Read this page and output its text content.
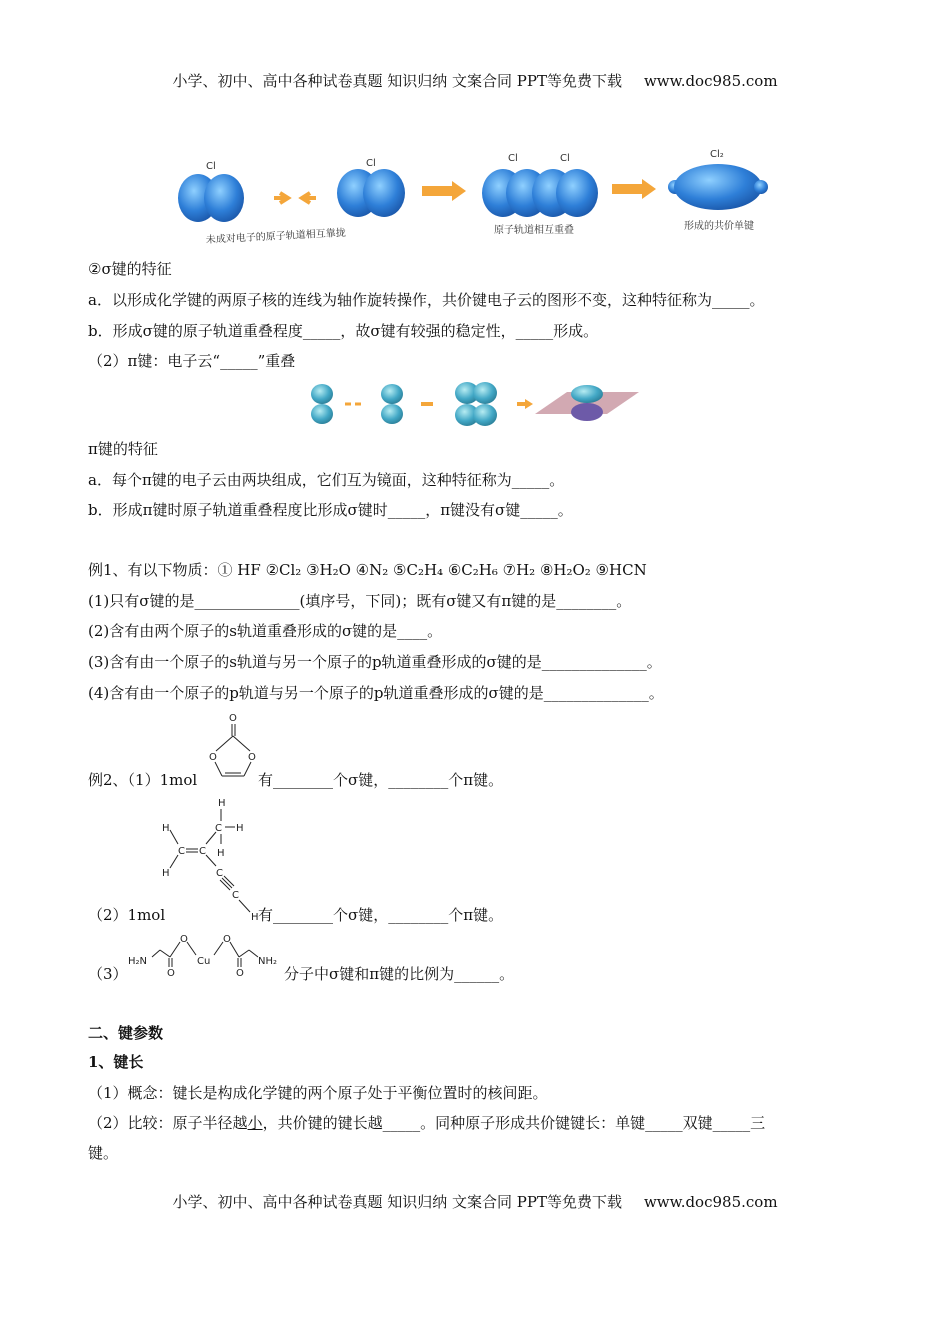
小学、初中、高中各种试卷真题 知识归纳 文案合同 PPT等免费下载 www.doc985.com
Cl	Cl	Cl	Cl	Cl₂
未成对电子的原子轨道相互靠拢	原子轨道相互重叠	形成的共价单键
②σ键的特征
a．以形成化学键的两原子核的连线为轴作旋转操作，共价键电子云的图形不变，这种特征称为_____。
b．形成σ键的原子轨道重叠程度_____，故σ键有较强的稳定性，_____形成。
（2）π键：电子云“_____”重叠
π键的特征
a．每个π键的电子云由两块组成，它们互为镜面，这种特征称为_____。
b．形成π键时原子轨道重叠程度比形成σ键时_____，π键没有σ键_____。
例1、有以下物质：① HF ②Cl₂ ③H₂O ④N₂ ⑤C₂H₄ ⑥C₂H₆ ⑦H₂ ⑧H₂O₂ ⑨HCN
(1)只有σ键的是______________(填序号，下同)；既有σ键又有π键的是________。
(2)含有由两个原子的s轨道重叠形成的σ键的是____。
(3)含有由一个原子的s轨道与另一个原子的p轨道重叠形成的σ键的是______________。
(4)含有由一个原子的p轨道与另一个原子的p轨道重叠形成的σ键的是______________。
例2、（1）1mol
O
O	O
有________个σ键，________个π键。
（2）1mol
H
C H
H
C C H
H	C
C
H 有________个σ键，________个π键。
（3）
H₂N
O
O
Cu
O
O
NH₂
分子中σ键和π键的比例为______。
二、键参数
1、键长
（1）概念：键长是构成化学键的两个原子处于平衡位置时的核间距。
（2）比较：原子半径越小，共价键的键长越_____。同种原子形成共价键键长：单键_____双键_____三
键。
小学、初中、高中各种试卷真题 知识归纳 文案合同 PPT等免费下载 www.doc985.com
